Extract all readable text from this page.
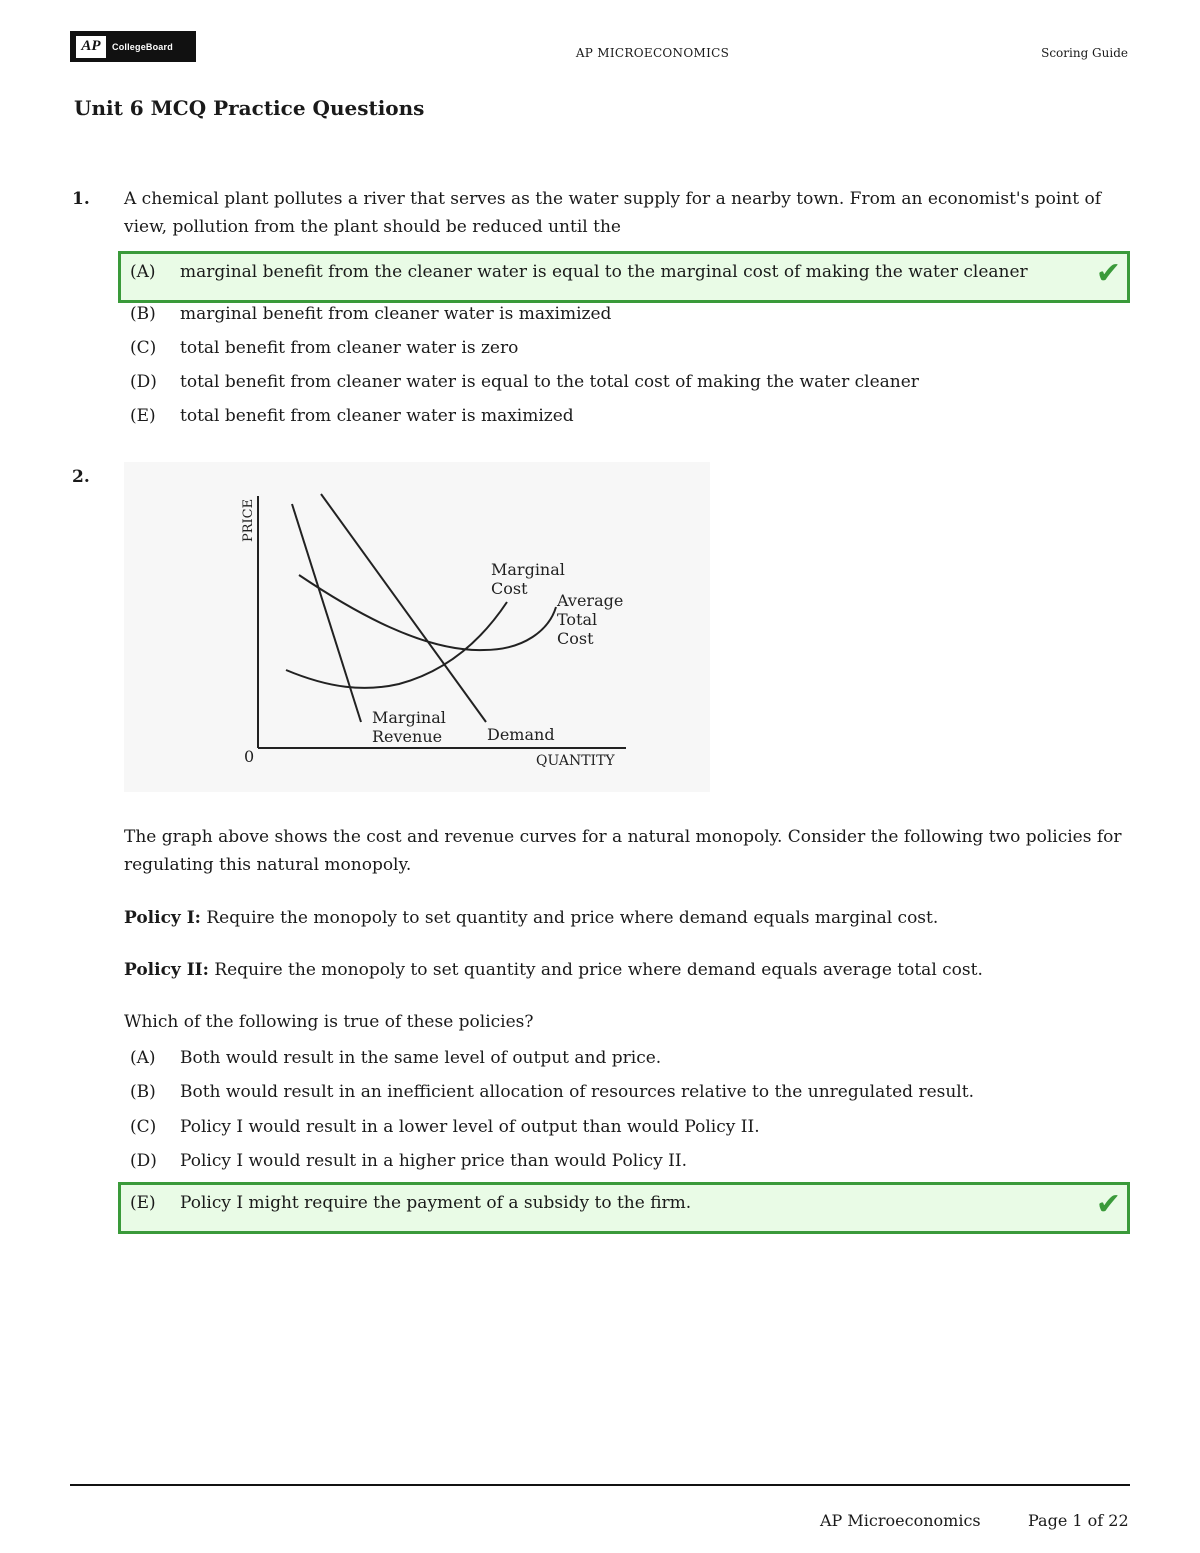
AP	CollegeBoard	AP MICROECONOMICS	Scoring Guide
Unit 6 MCQ Practice Questions
1. A chemical plant pollutes a river that serves as the water supply for a nearby town. From an economist's point of
view, pollution from the plant should be reduced until the
✔
(A)	marginal benefit from the cleaner water is equal to the marginal cost of making the water cleaner
(B)	marginal benefit from cleaner water is maximized
(C)	total benefit from cleaner water is zero
(D)	total benefit from cleaner water is equal to the total cost of making the water cleaner
(E)	total benefit from cleaner water is maximized
2.
PRICE
QUANTITY
0
Marginal
Cost
Average
Total
Cost
Marginal
Revenue	Demand
The graph above shows the cost and revenue curves for a natural monopoly. Consider the following two policies for
regulating this natural monopoly.
Policy I: Require the monopoly to set quantity and price where demand equals marginal cost.
Policy II: Require the monopoly to set quantity and price where demand equals average total cost.
Which of the following is true of these policies?
(A)	Both would result in the same level of output and price.
(B)	Both would result in an inefficient allocation of resources relative to the unregulated result.
(C)	Policy I would result in a lower level of output than would Policy II.
(D)	Policy I would result in a higher price than would Policy II.
✔
(E)	Policy I might require the payment of a subsidy to the firm.
AP Microeconomics	Page 1 of 22
